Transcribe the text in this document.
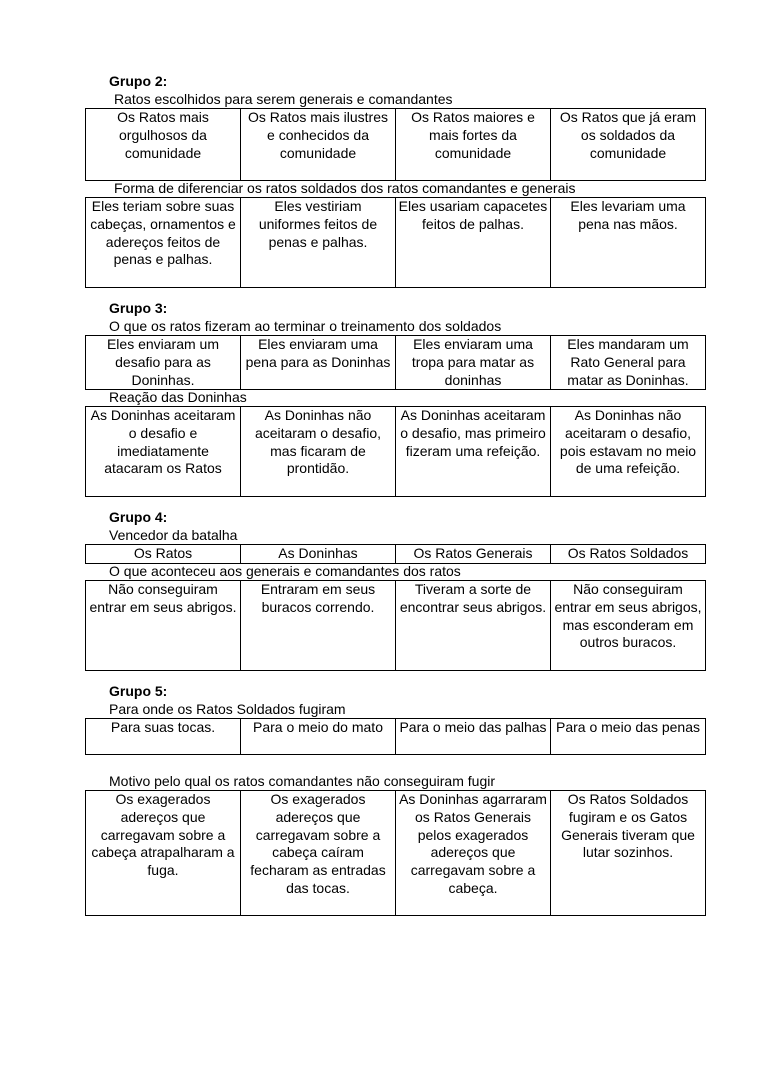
Grupo 2:
Ratos escolhidos para serem generais e comandantes
Os Ratos mais orgulhosos da comunidade	Os Ratos mais ilustres e conhecidos da comunidade	Os Ratos maiores e mais fortes da comunidade	Os Ratos que já eram os soldados da comunidade
Forma de diferenciar os ratos soldados dos ratos comandantes e generais
Eles teriam sobre suas cabeças, ornamentos e adereços feitos de penas e palhas.	Eles vestiriam uniformes feitos de penas e palhas.	Eles usariam capacetes feitos de palhas.	Eles levariam uma pena nas mãos.
Grupo 3:
O que os ratos fizeram ao terminar o treinamento dos soldados
Eles enviaram um desafio para as Doninhas.	Eles enviaram uma pena para as Doninhas	Eles enviaram uma tropa para matar as doninhas	Eles mandaram um Rato General para matar as Doninhas.
Reação das Doninhas
As Doninhas aceitaram o desafio e imediatamente atacaram os Ratos	As Doninhas não aceitaram o desafio, mas ficaram de prontidão.	As Doninhas aceitaram o desafio, mas primeiro fizeram uma refeição.	As Doninhas não aceitaram o desafio, pois estavam no meio de uma refeição.
Grupo 4:
Vencedor da batalha
Os Ratos	As Doninhas	Os Ratos Generais	Os Ratos Soldados
O que aconteceu aos generais e comandantes dos ratos
Não conseguiram entrar em seus abrigos.	Entraram em seus buracos correndo.	Tiveram a sorte de encontrar seus abrigos.	Não conseguiram entrar em seus abrigos, mas esconderam em outros buracos.
Grupo 5:
Para onde os Ratos Soldados fugiram
Para suas tocas.	Para o meio do mato	Para o meio das palhas	Para o meio das penas
Motivo pelo qual os ratos comandantes não conseguiram fugir
Os exagerados adereços que carregavam sobre a cabeça atrapalharam a fuga.	Os exagerados adereços que carregavam sobre a cabeça caíram fecharam as entradas das tocas.	As Doninhas agarraram os Ratos Generais pelos exagerados adereços que carregavam sobre a cabeça.	Os Ratos Soldados fugiram e os Gatos Generais tiveram que lutar sozinhos.
